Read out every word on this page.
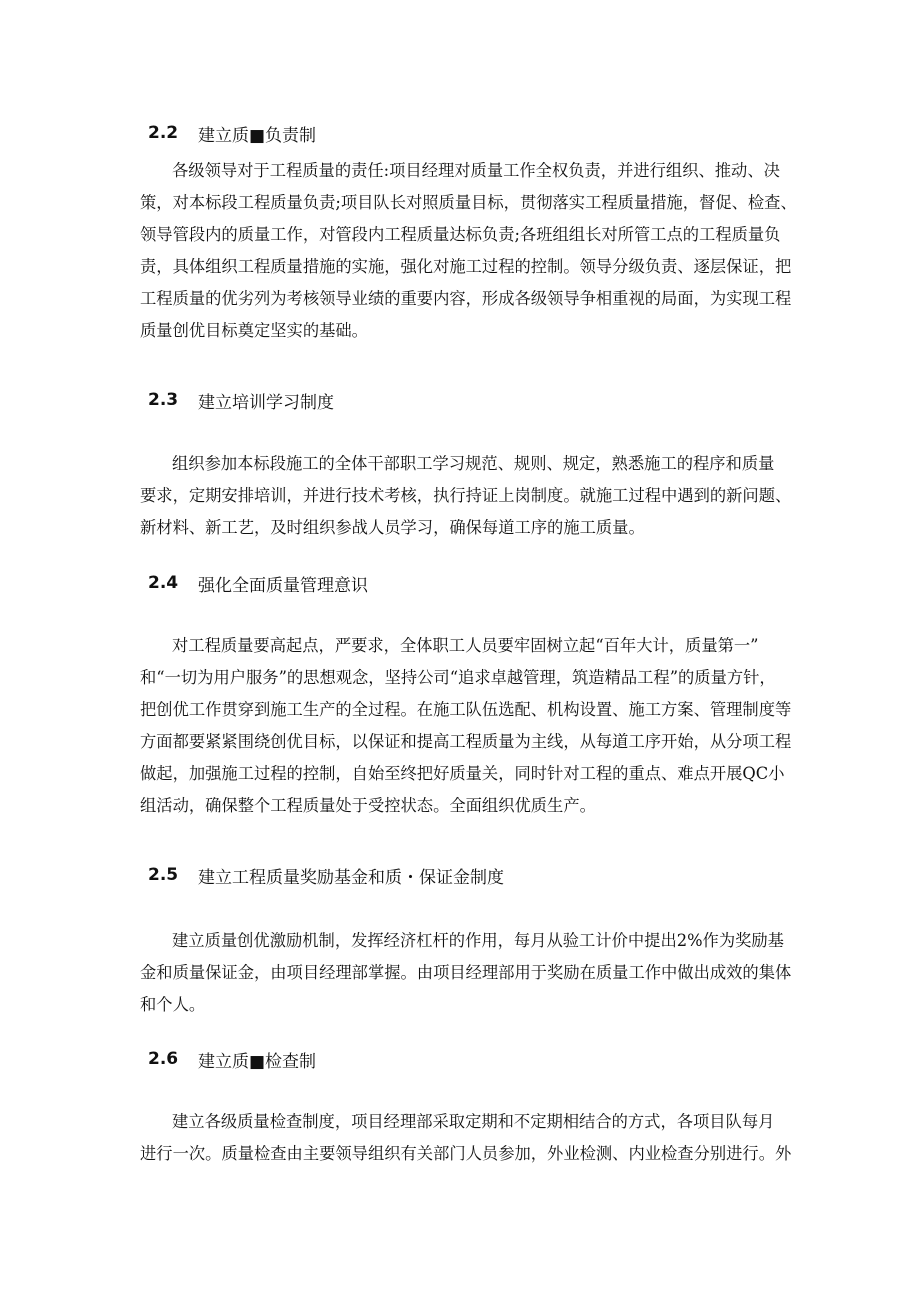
2.2	建立质■负责制
各级领导对于工程质量的责任:项目经理对质量工作全权负责，并进行组织、推动、决
策，对本标段工程质量负责;项目队长对照质量目标，贯彻落实工程质量措施，督促、检查、
领导管段内的质量工作，对管段内工程质量达标负责;各班组组长对所管工点的工程质量负
责，具体组织工程质量措施的实施，强化对施工过程的控制。领导分级负责、逐层保证，把
工程质量的优劣列为考核领导业绩的重要内容，形成各级领导争相重视的局面，为实现工程
质量创优目标奠定坚实的基础。
2.3	建立培训学习制度
组织参加本标段施工的全体干部职工学习规范、规则、规定，熟悉施工的程序和质量
要求，定期安排培训，并进行技术考核，执行持证上岗制度。就施工过程中遇到的新问题、
新材料、新工艺，及时组织参战人员学习，确保每道工序的施工质量。
2.4	强化全面质量管理意识
对工程质量要高起点，严要求，全体职工人员要牢固树立起“百年大计，质量第一”
和“一切为用户服务”的思想观念，坚持公司“追求卓越管理，筑造精品工程”的质量方针，
把创优工作贯穿到施工生产的全过程。在施工队伍选配、机构设置、施工方案、管理制度等
方面都要紧紧围绕创优目标，以保证和提高工程质量为主线，从每道工序开始，从分项工程
做起，加强施工过程的控制，自始至终把好质量关，同时针对工程的重点、难点开展QC小
组活动，确保整个工程质量处于受控状态。全面组织优质生产。
2.5	建立工程质量奖励基金和质・保证金制度
建立质量创优激励机制，发挥经济杠杆的作用，每月从验工计价中提出2%作为奖励基
金和质量保证金，由项目经理部掌握。由项目经理部用于奖励在质量工作中做出成效的集体
和个人。
2.6	建立质■检查制
建立各级质量检查制度，项目经理部采取定期和不定期相结合的方式，各项目队每月
进行一次。质量检查由主要领导组织有关部门人员参加，外业检测、内业检查分别进行。外
